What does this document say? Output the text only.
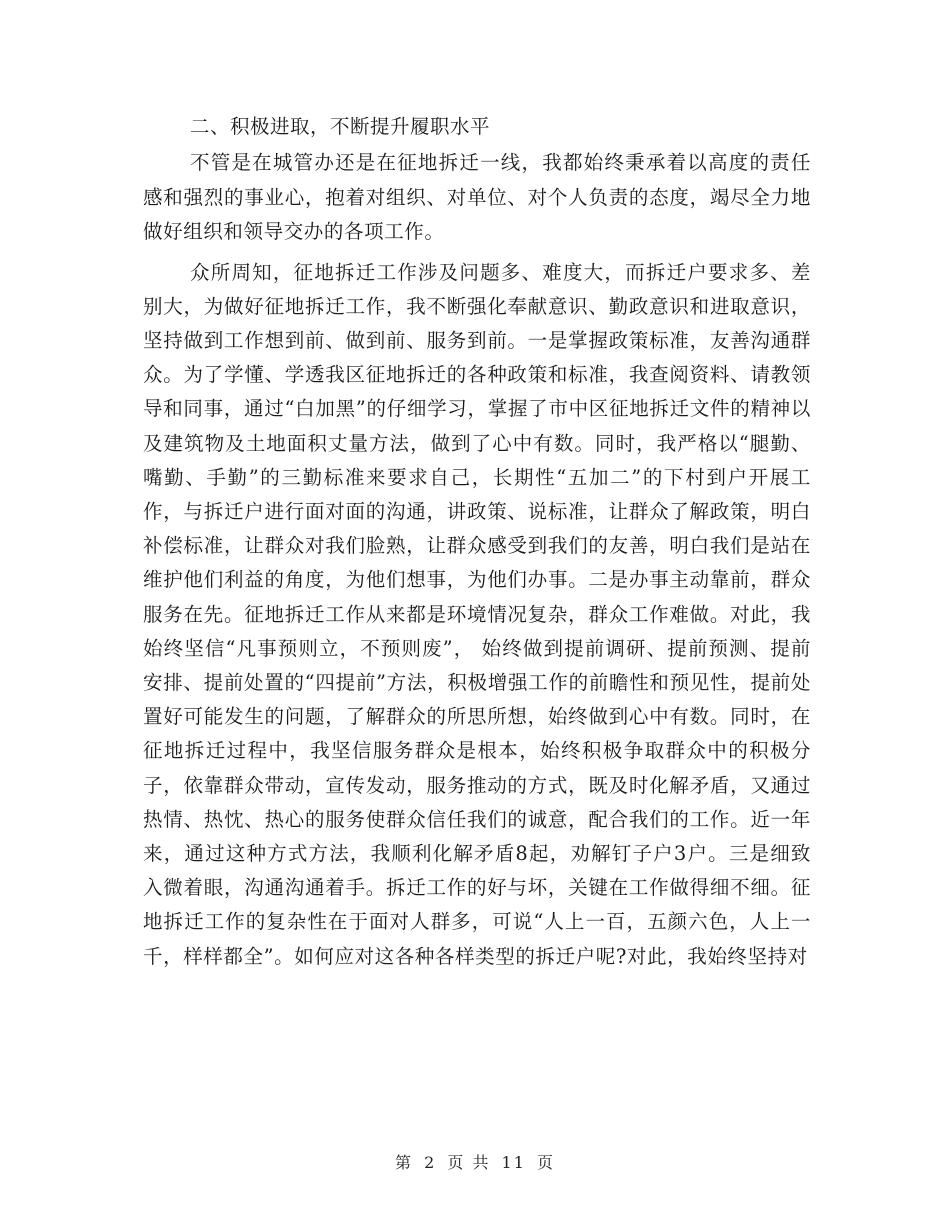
二、积极进取，不断提升履职水平

不管是在城管办还是在征地拆迁一线，我都始终秉承着以高度的责任感和强烈的事业心，抱着对组织、对单位、对个人负责的态度，竭尽全力地做好组织和领导交办的各项工作。

众所周知，征地拆迁工作涉及问题多、难度大，而拆迁户要求多、差别大，为做好征地拆迁工作，我不断强化奉献意识、勤政意识和进取意识，坚持做到工作想到前、做到前、服务到前。一是掌握政策标准，友善沟通群众。为了学懂、学透我区征地拆迁的各种政策和标准，我查阅资料、请教领导和同事，通过“白加黑”的仔细学习，掌握了市中区征地拆迁文件的精神以及建筑物及土地面积丈量方法，做到了心中有数。同时，我严格以“腿勤、嘴勤、手勤”的三勤标准来要求自己，长期性“五加二”的下村到户开展工作，与拆迁户进行面对面的沟通，讲政策、说标准，让群众了解政策，明白补偿标准，让群众对我们脸熟，让群众感受到我们的友善，明白我们是站在维护他们利益的角度，为他们想事，为他们办事。二是办事主动靠前，群众服务在先。征地拆迁工作从来都是环境情况复杂，群众工作难做。对此，我始终坚信“凡事预则立，不预则废”， 始终做到提前调研、提前预测、提前安排、提前处置的“四提前”方法，积极增强工作的前瞻性和预见性，提前处置好可能发生的问题，了解群众的所思所想，始终做到心中有数。同时，在征地拆迁过程中，我坚信服务群众是根本，始终积极争取群众中的积极分子，依靠群众带动，宣传发动，服务推动的方式，既及时化解矛盾，又通过热情、热忱、热心的服务使群众信任我们的诚意，配合我们的工作。近一年来，通过这种方式方法，我顺利化解矛盾8起，劝解钉子户3户。三是细致入微着眼，沟通沟通着手。拆迁工作的好与坏，关键在工作做得细不细。征地拆迁工作的复杂性在于面对人群多，可说“人上一百，五颜六色，人上一千，样样都全”。如何应对这各种各样类型的拆迁户呢?对此，我始终坚持对

第 2 页 共 11 页
